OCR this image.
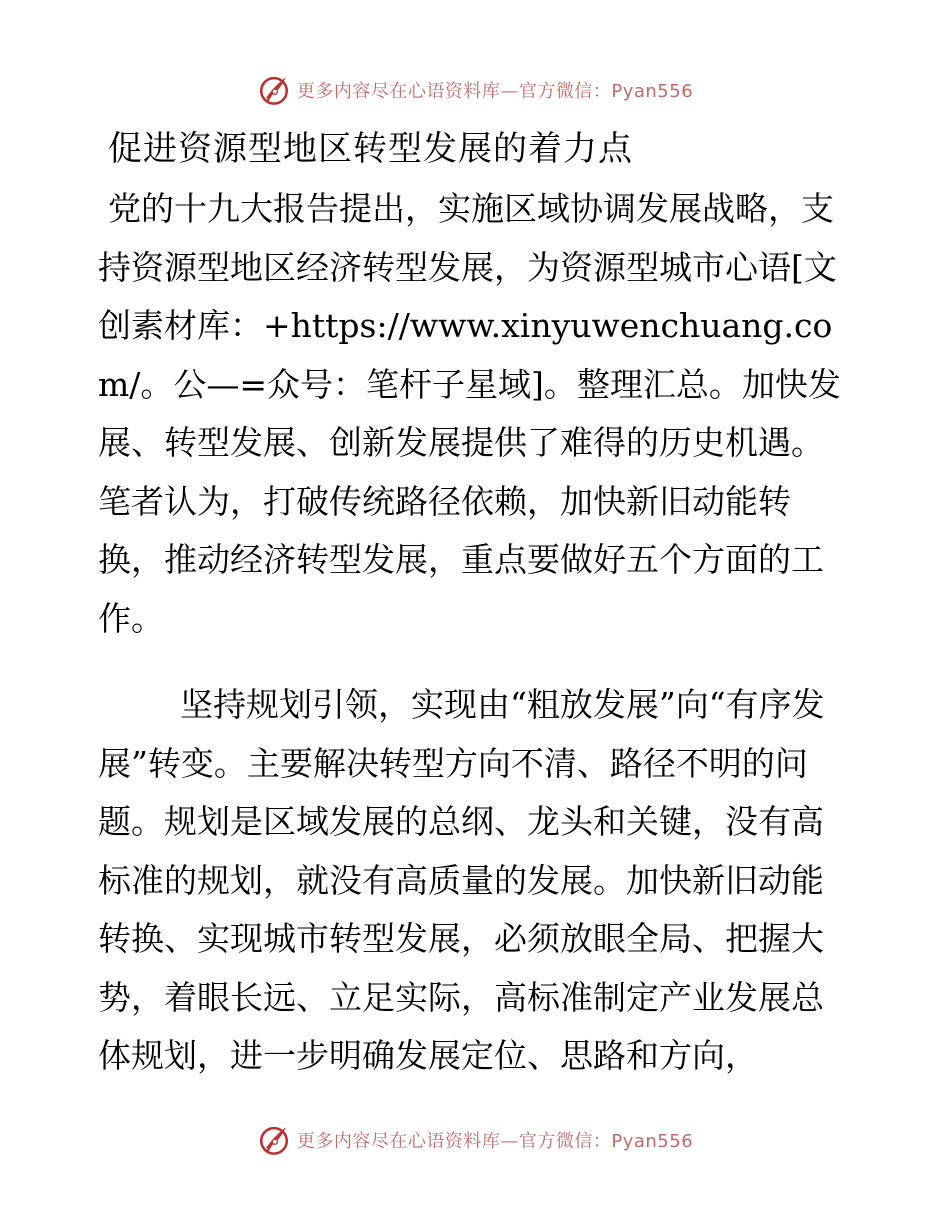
更多内容尽在心语资料库—官方微信：Pyan556
促进资源型地区转型发展的着力点

党的十九大报告提出，实施区域协调发展战略，支持资源型地区经济转型发展，为资源型城市心语[文创素材库：+https://www.xinyuwenchuang.com/。公—=众号：笔杆子星域]。整理汇总。加快发展、转型发展、创新发展提供了难得的历史机遇。笔者认为，打破传统路径依赖，加快新旧动能转换，推动经济转型发展，重点要做好五个方面的工作。

坚持规划引领，实现由“粗放发展”向“有序发展”转变。主要解决转型方向不清、路径不明的问题。规划是区域发展的总纲、龙头和关键，没有高标准的规划，就没有高质量的发展。加快新旧动能转换、实现城市转型发展，必须放眼全局、把握大势，着眼长远、立足实际，高标准制定产业发展总体规划，进一步明确发展定位、思路和方向，

更多内容尽在心语资料库—官方微信：Pyan556
